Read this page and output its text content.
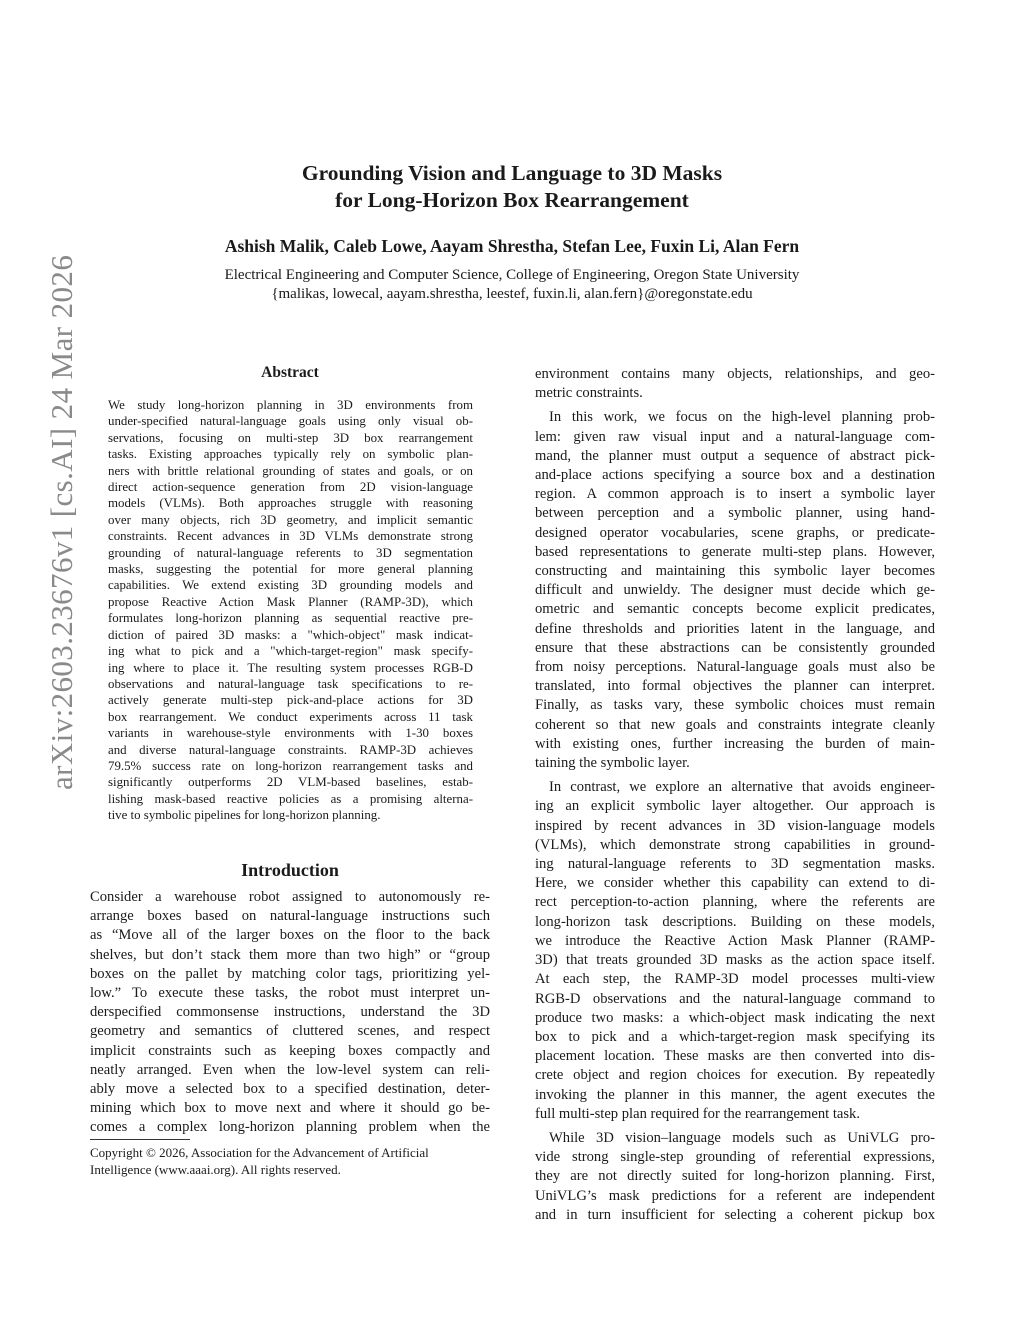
Grounding Vision and Language to 3D Masks
for Long-Horizon Box Rearrangement
Ashish Malik, Caleb Lowe, Aayam Shrestha, Stefan Lee, Fuxin Li, Alan Fern
Electrical Engineering and Computer Science, College of Engineering, Oregon State University
{malikas, lowecal, aayam.shrestha, leestef, fuxin.li, alan.fern}@oregonstate.edu
arXiv:2603.23676v1 [cs.AI] 24 Mar 2026	Abstract
We study long-horizon planning in 3D environments from
under-specified natural-language goals using only visual ob-
servations, focusing on multi-step 3D box rearrangement
tasks. Existing approaches typically rely on symbolic plan-
ners with brittle relational grounding of states and goals, or on
direct action-sequence generation from 2D vision-language
models (VLMs). Both approaches struggle with reasoning
over many objects, rich 3D geometry, and implicit semantic
constraints. Recent advances in 3D VLMs demonstrate strong
grounding of natural-language referents to 3D segmentation
masks, suggesting the potential for more general planning
capabilities. We extend existing 3D grounding models and
propose Reactive Action Mask Planner (RAMP-3D), which
formulates long-horizon planning as sequential reactive pre-
diction of paired 3D masks: a "which-object" mask indicat-
ing what to pick and a "which-target-region" mask specify-
ing where to place it. The resulting system processes RGB-D
observations and natural-language task specifications to re-
actively generate multi-step pick-and-place actions for 3D
box rearrangement. We conduct experiments across 11 task
variants in warehouse-style environments with 1-30 boxes
and diverse natural-language constraints. RAMP-3D achieves
79.5% success rate on long-horizon rearrangement tasks and
significantly outperforms 2D VLM-based baselines, estab-
lishing mask-based reactive policies as a promising alterna-
tive to symbolic pipelines for long-horizon planning.
Introduction
Consider a warehouse robot assigned to autonomously re-
arrange boxes based on natural-language instructions such
as “Move all of the larger boxes on the floor to the back
shelves, but don’t stack them more than two high” or “group
boxes on the pallet by matching color tags, prioritizing yel-
low.” To execute these tasks, the robot must interpret un-
derspecified commonsense instructions, understand the 3D
geometry and semantics of cluttered scenes, and respect
implicit constraints such as keeping boxes compactly and
neatly arranged. Even when the low-level system can reli-
ably move a selected box to a specified destination, deter-
mining which box to move next and where it should go be-
comes a complex long-horizon planning problem when the
Copyright © 2026, Association for the Advancement of Artificial
Intelligence (www.aaai.org). All rights reserved.

environment contains many objects, relationships, and geo-
metric constraints.

In this work, we focus on the high-level planning prob-
lem: given raw visual input and a natural-language com-
mand, the planner must output a sequence of abstract pick-
and-place actions specifying a source box and a destination
region. A common approach is to insert a symbolic layer
between perception and a symbolic planner, using hand-
designed operator vocabularies, scene graphs, or predicate-
based representations to generate multi-step plans. However,
constructing and maintaining this symbolic layer becomes
difficult and unwieldy. The designer must decide which ge-
ometric and semantic concepts become explicit predicates,
define thresholds and priorities latent in the language, and
ensure that these abstractions can be consistently grounded
from noisy perceptions. Natural-language goals must also be
translated, into formal objectives the planner can interpret.
Finally, as tasks vary, these symbolic choices must remain
coherent so that new goals and constraints integrate cleanly
with existing ones, further increasing the burden of main-
taining the symbolic layer.

In contrast, we explore an alternative that avoids engineer-
ing an explicit symbolic layer altogether. Our approach is
inspired by recent advances in 3D vision-language models
(VLMs), which demonstrate strong capabilities in ground-
ing natural-language referents to 3D segmentation masks.
Here, we consider whether this capability can extend to di-
rect perception-to-action planning, where the referents are
long-horizon task descriptions. Building on these models,
we introduce the Reactive Action Mask Planner (RAMP-
3D) that treats grounded 3D masks as the action space itself.
At each step, the RAMP-3D model processes multi-view
RGB-D observations and the natural-language command to
produce two masks: a which-object mask indicating the next
box to pick and a which-target-region mask specifying its
placement location. These masks are then converted into dis-
crete object and region choices for execution. By repeatedly
invoking the planner in this manner, the agent executes the
full multi-step plan required for the rearrangement task.

While 3D vision–language models such as UniVLG pro-
vide strong single-step grounding of referential expressions,
they are not directly suited for long-horizon planning. First,
UniVLG’s mask predictions for a referent are independent
and in turn insufficient for selecting a coherent pickup box
